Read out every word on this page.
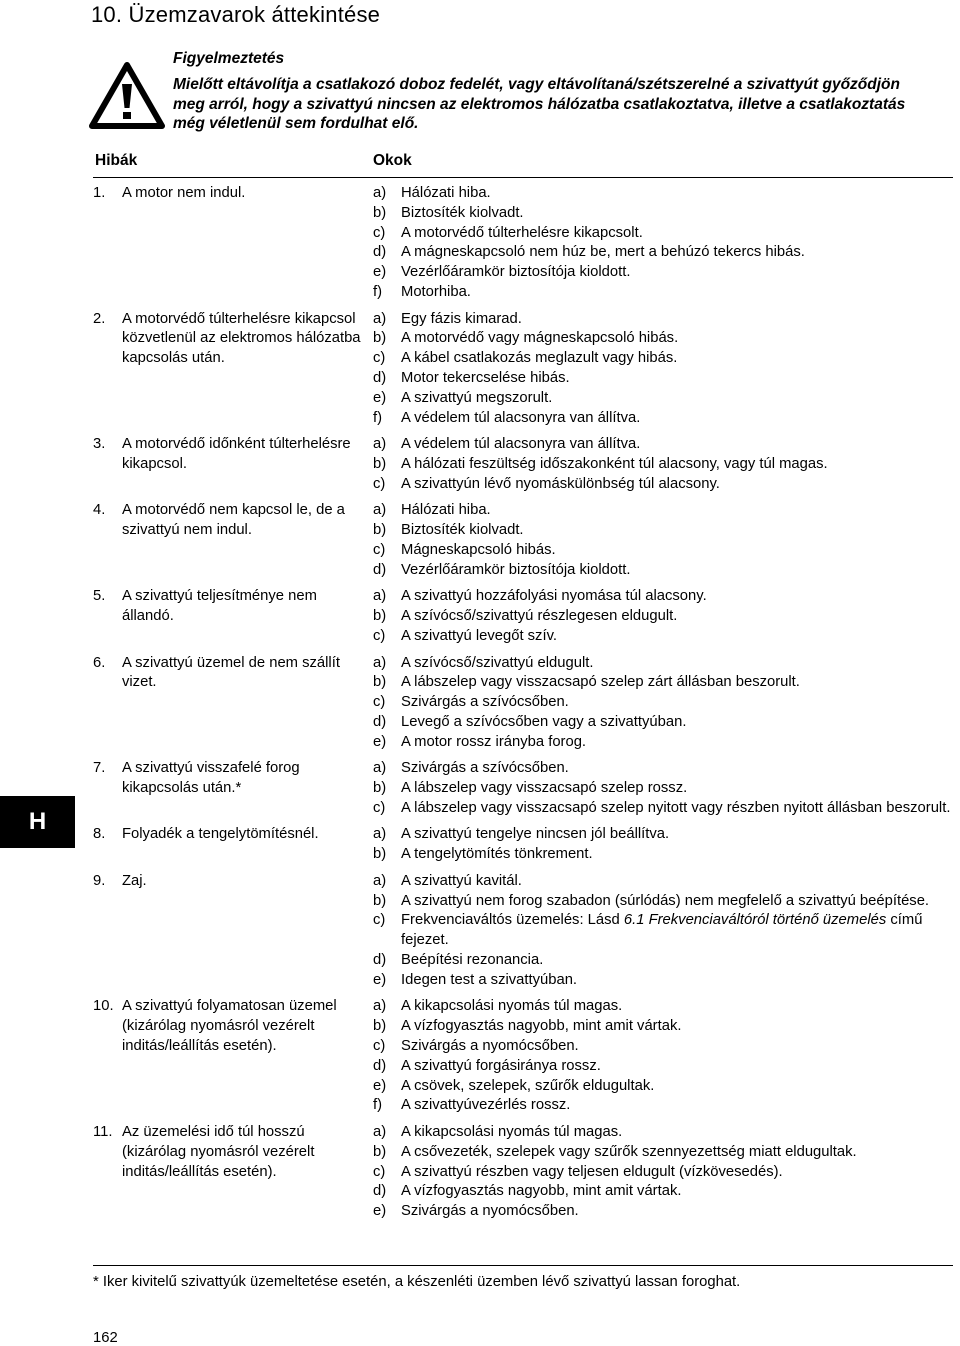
10. Üzemzavarok áttekintése
Figyelmeztetés
Mielőtt eltávolítja a csatlakozó doboz fedelét, vagy eltávolítaná/szétszerelné a szivattyút győződjön meg arról, hogy a szivattyú nincsen az elektromos hálózatba csatlakoztatva, illetve a csatlakoztatás még véletlenül sem fordulhat elő.
Hibák	Okok
1.	A motor nem indul.	a)	Hálózati hiba.
b)	Biztosíték kiolvadt.
c)	A motorvédő túlterhelésre kikapcsolt.
d)	A mágneskapcsoló nem húz be, mert a behúzó tekercs hibás.
e)	Vezérlőáramkör biztosítója kioldott.
f)	Motorhiba.
2.	A motorvédő túlterhelésre kikapcsol közvetlenül az elektromos hálózatba kapcsolás után.
a)	Egy fázis kimarad.
b)	A motorvédő vagy mágneskapcsoló hibás.
c)	A kábel csatlakozás meglazult vagy hibás.
d)	Motor tekercselése hibás.
e)	A szivattyú megszorult.
f)	A védelem túl alacsonyra van állítva.
3.	A motorvédő időnként túlterhelésre kikapcsol.
a)	A védelem túl alacsonyra van állítva.
b)	A hálózati feszültség időszakonként túl alacsony, vagy túl magas.
c)	A szivattyún lévő nyomáskülönbség túl alacsony.
4.	A motorvédő nem kapcsol le, de a szivattyú nem indul.
a)	Hálózati hiba.
b)	Biztosíték kiolvadt.
c)	Mágneskapcsoló hibás.
d)	Vezérlőáramkör biztosítója kioldott.
5.	A szivattyú teljesítménye nem állandó.
a)	A szivattyú hozzáfolyási nyomása túl alacsony.
b)	A szívócső/szivattyú részlegesen eldugult.
c)	A szivattyú levegőt szív.
6.	A szivattyú üzemel de nem szállít vizet.
a)	A szívócső/szivattyú eldugult.
b)	A lábszelep vagy visszacsapó szelep zárt állásban beszorult.
c)	Szivárgás a szívócsőben.
d)	Levegő a szívócsőben vagy a szivattyúban.
e)	A motor rossz irányba forog.
7.	A szivattyú visszafelé forog kikapcsolás után.*
a)	Szivárgás a szívócsőben.
b)	A lábszelep vagy visszacsapó szelep rossz.
c)	A lábszelep vagy visszacsapó szelep nyitott vagy részben nyitott állásban beszorult.
8.	Folyadék a tengelytömítésnél.	a)	A szivattyú tengelye nincsen jól beállítva.
b)	A tengelytömítés tönkrement.
9.	Zaj.	a)	A szivattyú kavitál.
b)	A szivattyú nem forog szabadon (súrlódás) nem megfelelő a szivattyú beépítése.
c)	Frekvenciaváltós üzemelés: Lásd 6.1 Frekvenciaváltóról történő üzemelés című fejezet.
d)	Beépítési rezonancia.
e)	Idegen test a szivattyúban.
10. A szivattyú folyamatosan üzemel (kizárólag nyomásról vezérelt inditás/leállítás esetén).
a)	A kikapcsolási nyomás túl magas.
b)	A vízfogyasztás nagyobb, mint amit vártak.
c)	Szivárgás a nyomócsőben.
d)	A szivattyú forgásiránya rossz.
e)	A csövek, szelepek, szűrők eldugultak.
f)	A szivattyúvezérlés rossz.
11. Az üzemelési idő túl hosszú (kizárólag nyomásról vezérelt inditás/leállítás esetén).
a)	A kikapcsolási nyomás túl magas.
b)	A csővezeték, szelepek vagy szűrők szennyezettség miatt eldugultak.
c)	A szivattyú részben vagy teljesen eldugult (vízkövesedés).
d)	A vízfogyasztás nagyobb, mint amit vártak.
e)	Szivárgás a nyomócsőben.
* Iker kivitelű szivattyúk üzemeltetése esetén, a készenléti üzemben lévő szivattyú lassan foroghat.
162
H
